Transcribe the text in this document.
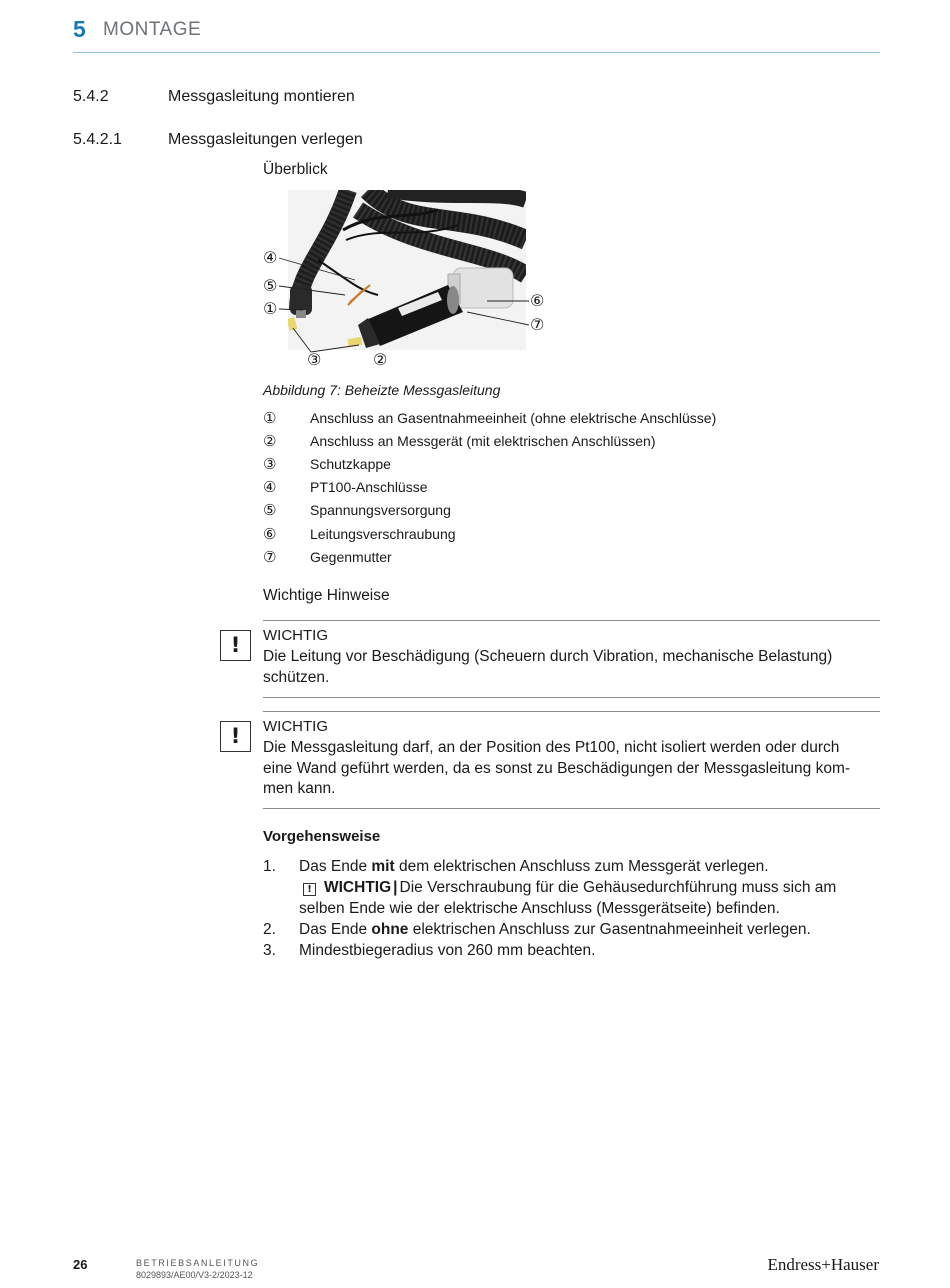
5 MONTAGE
5.4.2	Messgasleitung montieren
5.4.2.1	Messgasleitungen verlegen
Überblick
④
⑤
①	⑥
⑦
③	②
Abbildung 7: Beheizte Messgasleitung
①	Anschluss an Gasentnahmeeinheit (ohne elektrische Anschlüsse)
②	Anschluss an Messgerät (mit elektrischen Anschlüssen)
③	Schutzkappe
④	PT100-Anschlüsse
⑤	Spannungsversorgung
⑥	Leitungsverschraubung
⑦	Gegenmutter
Wichtige Hinweise
!	WICHTIG
Die Leitung vor Beschädigung (Scheuern durch Vibration, mechanische Belastung) schützen.
!	WICHTIG
Die Messgasleitung darf, an der Position des Pt100, nicht isoliert werden oder durch eine Wand geführt werden, da es sonst zu Beschädigungen der Messgasleitung kommen kann.
Vorgehensweise
1.	Das Ende mit dem elektrischen Anschluss zum Messgerät verlegen.
! WICHTIG | Die Verschraubung für die Gehäusedurchführung muss sich am selben Ende wie der elektrische Anschluss (Messgerätseite) befinden.
2.	Das Ende ohne elektrischen Anschluss zur Gasentnahmeeinheit verlegen.
3.	Mindestbiegeradius von 260 mm beachten.
26	BETRIEBSANLEITUNG
8029893/AE00/V3-2/2023-12
Endress+Hauser
